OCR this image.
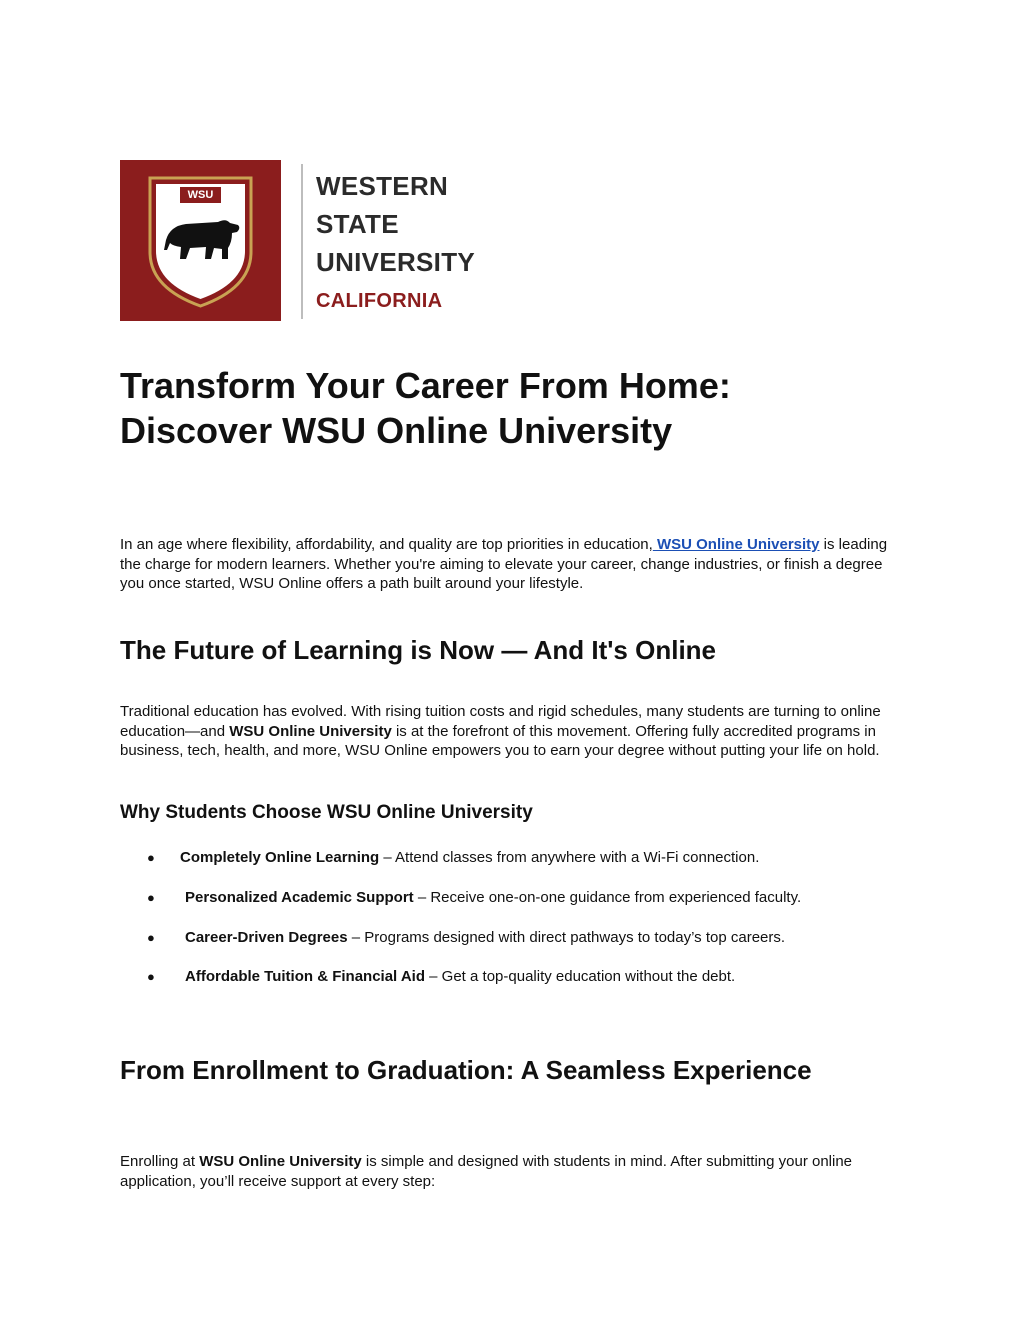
WSU	WESTERN
STATE
UNIVERSITY
CALIFORNIA
Transform Your Career From Home:
Discover WSU Online University

In an age where flexibility, affordability, and quality are top priorities in education, WSU Online University is leading the charge for modern learners. Whether you're aiming to elevate your career, change industries, or finish a degree you once started, WSU Online offers a path built around your lifestyle.

The Future of Learning is Now — And It's Online

Traditional education has evolved. With rising tuition costs and rigid schedules, many students are turning to online education—and WSU Online University is at the forefront of this movement. Offering fully accredited programs in business, tech, health, and more, WSU Online empowers you to earn your degree without putting your life on hold.

Why Students Choose WSU Online University
● Completely Online Learning – Attend classes from anywhere with a Wi-Fi connection.
● Personalized Academic Support – Receive one-on-one guidance from experienced faculty.
● Career-Driven Degrees – Programs designed with direct pathways to today’s top careers.
● Affordable Tuition & Financial Aid – Get a top-quality education without the debt.
From Enrollment to Graduation: A Seamless Experience

Enrolling at WSU Online University is simple and designed with students in mind. After submitting your online application, you’ll receive support at every step:
